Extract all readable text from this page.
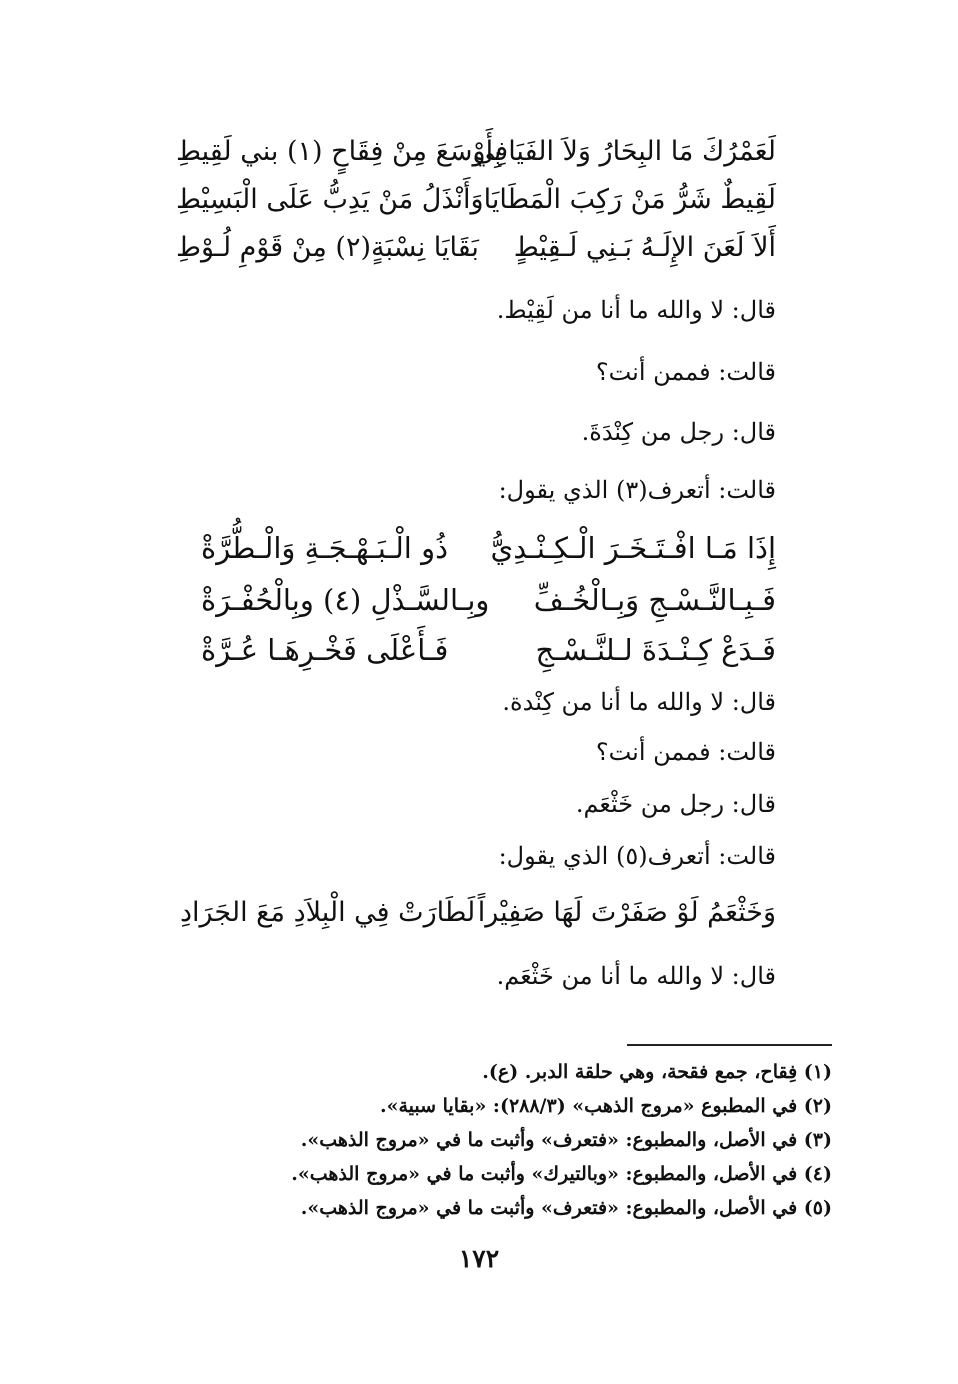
لَعَمْرُكَ مَا البِحَارُ وَلاَ الفَيَافِي
بِأَوْسَعَ مِنْ فِقَاحٍ (١) بني لَقِيطِ
لَقِيطٌ شَرُّ مَنْ رَكِبَ الْمَطَايَا
وَأَنْذَلُ مَنْ يَدِبُّ عَلَى الْبَسِيْطِ
أَلاَ لَعَنَ الإِلَـهُ بَـنِي لَـقِيْطٍ
بَقَايَا نِسْبَةٍ(٢) مِنْ قَوْمِ لُـوْطِ
قال: لا والله ما أنا من لَقِيْط.
قالت: فممن أنت؟
قال: رجل من كِنْدَةَ.
قالت: أتعرف(٣) الذي يقول:
إِذَا مَـا افْـتَـخَـرَ الْـكِـنْـدِيُّ
ذُو الْـبَـهْـجَـةِ وَالْـطُّرَّةْ
فَـبِـالنَّـسْـجِ وَبِـالْخُـفِّ
وبِـالسَّـذْلِ (٤) وبِالْحُفْـرَةْ
فَـدَعْ كِـنْـدَةَ لـلنَّـسْـجِ
فَـأَعْلَى فَخْـرِهَـا عُـرَّةْ
قال: لا والله ما أنا من كِنْدة.
قالت: فممن أنت؟
قال: رجل من خَثْعَم.
قالت: أتعرف(٥) الذي يقول:
وَخَثْعَمُ لَوْ صَفَرْتَ لَهَا صَفِيْراً
لَطَارَتْ فِي الْبِلاَدِ مَعَ الجَرَادِ
قال: لا والله ما أنا من خَثْعَم.
(١) فِقاح، جمع فقحة، وهي حلقة الدبر. (ع).
(٢) في المطبوع «مروج الذهب» (٢٨٨/٣): «بقايا سبية».
(٣) في الأصل، والمطبوع: «فتعرف» وأثبت ما في «مروج الذهب».
(٤) في الأصل، والمطبوع: «وبالتيرك» وأثبت ما في «مروج الذهب».
(٥) في الأصل، والمطبوع: «فتعرف» وأثبت ما في «مروج الذهب».
١٧٢
